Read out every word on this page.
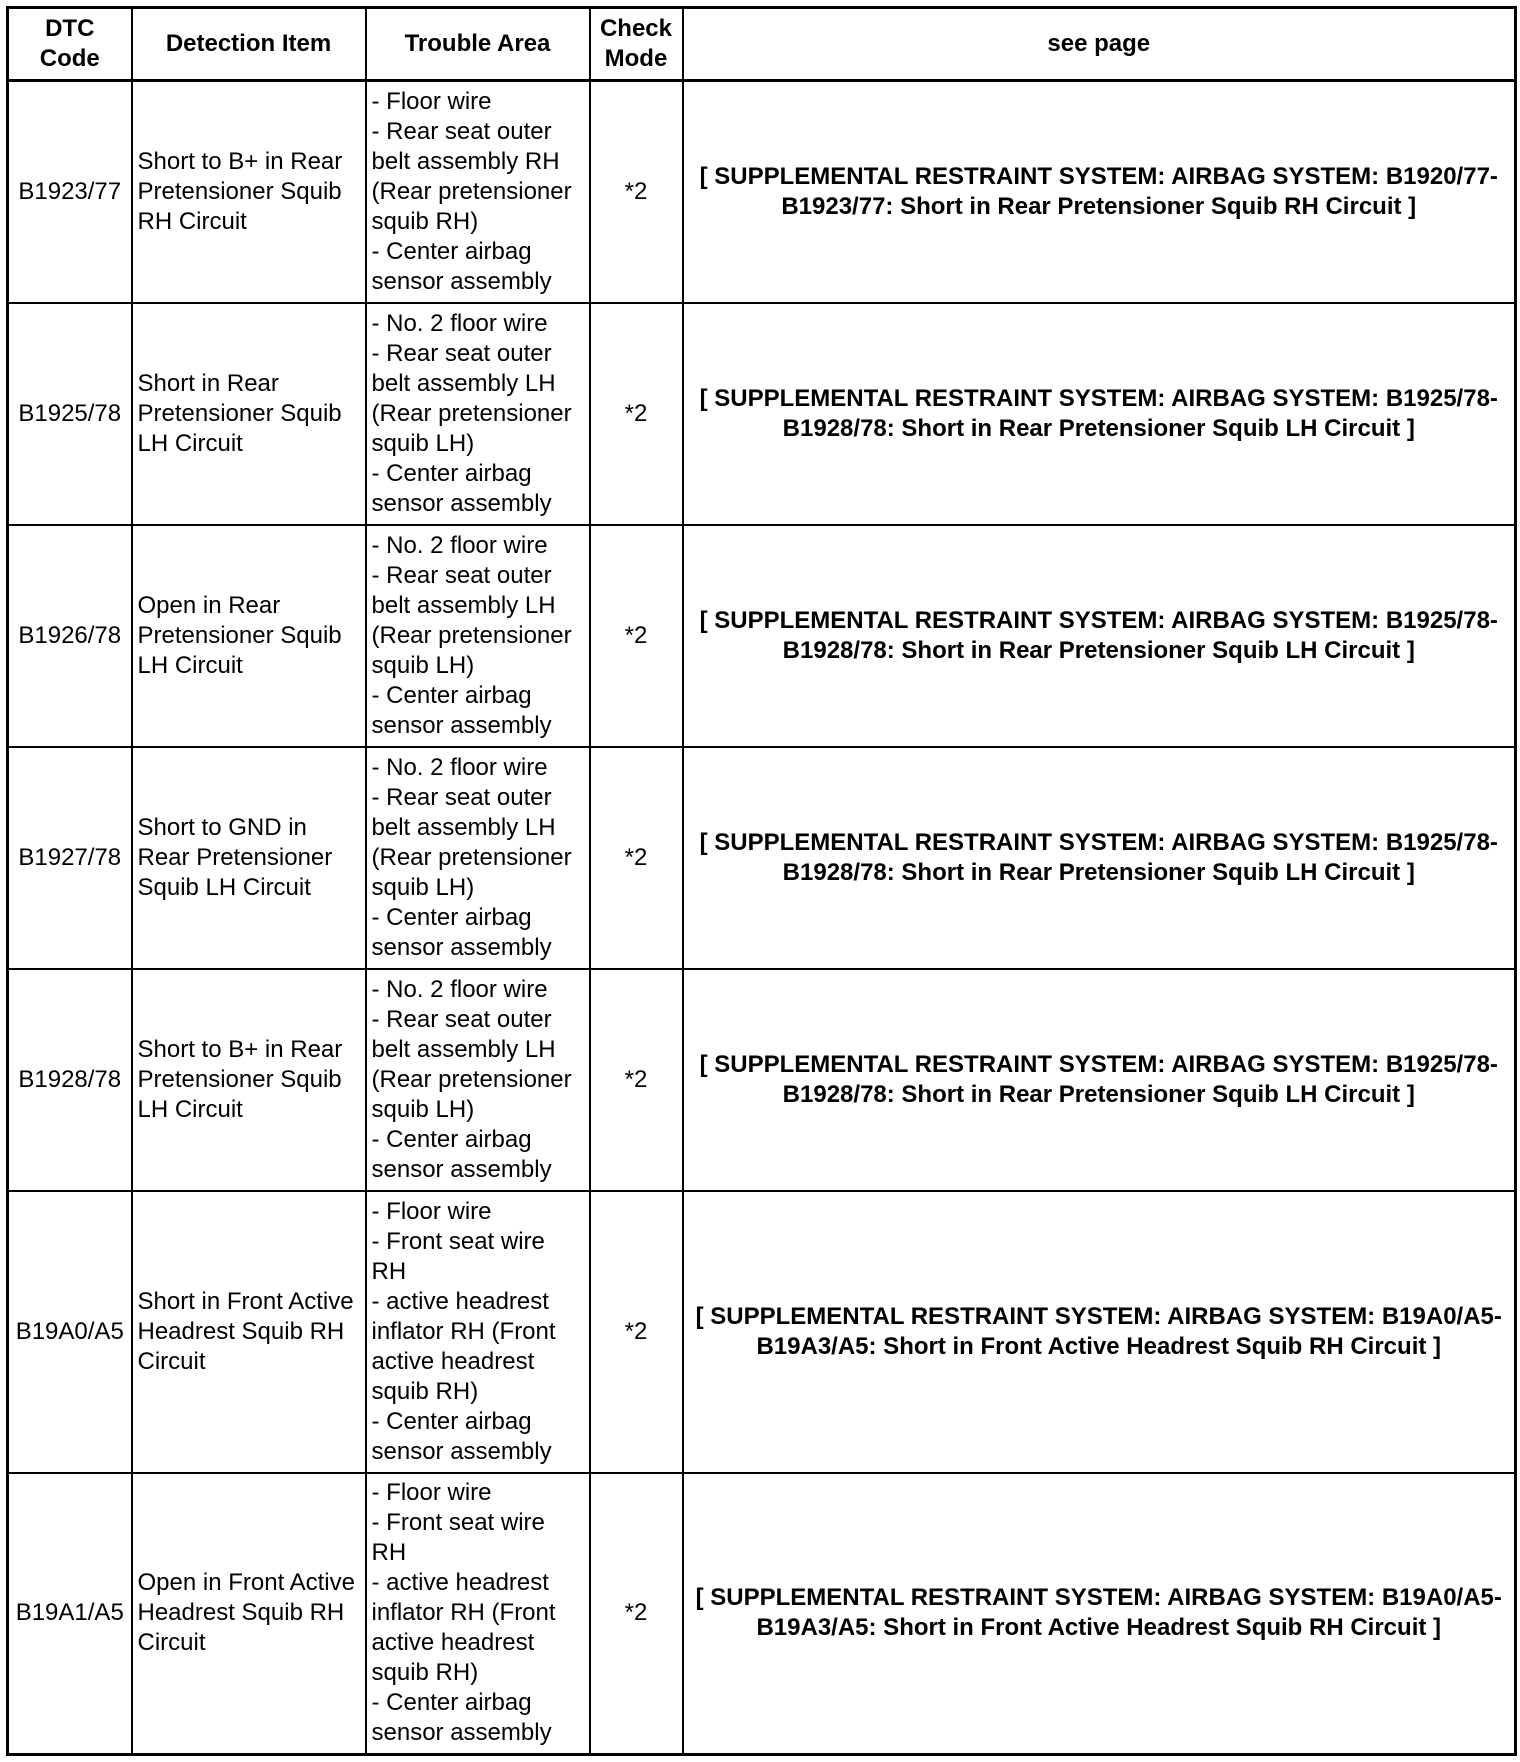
DTC Code	Detection Item	Trouble Area	Check Mode	see page
B1923/77	Short to B+ in Rear Pretensioner Squib RH Circuit	- Floor wire
- Rear seat outer belt assembly RH (Rear pretensioner squib RH)
- Center airbag sensor assembly	*2	[ SUPPLEMENTAL RESTRAINT SYSTEM: AIRBAG SYSTEM: B1920/77-B1923/77: Short in Rear Pretensioner Squib RH Circuit ]
B1925/78	Short in Rear Pretensioner Squib LH Circuit	- No. 2 floor wire
- Rear seat outer belt assembly LH (Rear pretensioner squib LH)
- Center airbag sensor assembly	*2	[ SUPPLEMENTAL RESTRAINT SYSTEM: AIRBAG SYSTEM: B1925/78-B1928/78: Short in Rear Pretensioner Squib LH Circuit ]
B1926/78	Open in Rear Pretensioner Squib LH Circuit	- No. 2 floor wire
- Rear seat outer belt assembly LH (Rear pretensioner squib LH)
- Center airbag sensor assembly	*2	[ SUPPLEMENTAL RESTRAINT SYSTEM: AIRBAG SYSTEM: B1925/78-B1928/78: Short in Rear Pretensioner Squib LH Circuit ]
B1927/78	Short to GND in Rear Pretensioner Squib LH Circuit	- No. 2 floor wire
- Rear seat outer belt assembly LH (Rear pretensioner squib LH)
- Center airbag sensor assembly	*2	[ SUPPLEMENTAL RESTRAINT SYSTEM: AIRBAG SYSTEM: B1925/78-B1928/78: Short in Rear Pretensioner Squib LH Circuit ]
B1928/78	Short to B+ in Rear Pretensioner Squib LH Circuit	- No. 2 floor wire
- Rear seat outer belt assembly LH (Rear pretensioner squib LH)
- Center airbag sensor assembly	*2	[ SUPPLEMENTAL RESTRAINT SYSTEM: AIRBAG SYSTEM: B1925/78-B1928/78: Short in Rear Pretensioner Squib LH Circuit ]
B19A0/A5	Short in Front Active Headrest Squib RH Circuit	- Floor wire
- Front seat wire RH
- active headrest inflator RH (Front active headrest squib RH)
- Center airbag sensor assembly	*2	[ SUPPLEMENTAL RESTRAINT SYSTEM: AIRBAG SYSTEM: B19A0/A5-B19A3/A5: Short in Front Active Headrest Squib RH Circuit ]
B19A1/A5	Open in Front Active Headrest Squib RH Circuit	- Floor wire
- Front seat wire RH
- active headrest inflator RH (Front active headrest squib RH)
- Center airbag sensor assembly	*2	[ SUPPLEMENTAL RESTRAINT SYSTEM: AIRBAG SYSTEM: B19A0/A5-B19A3/A5: Short in Front Active Headrest Squib RH Circuit ]
